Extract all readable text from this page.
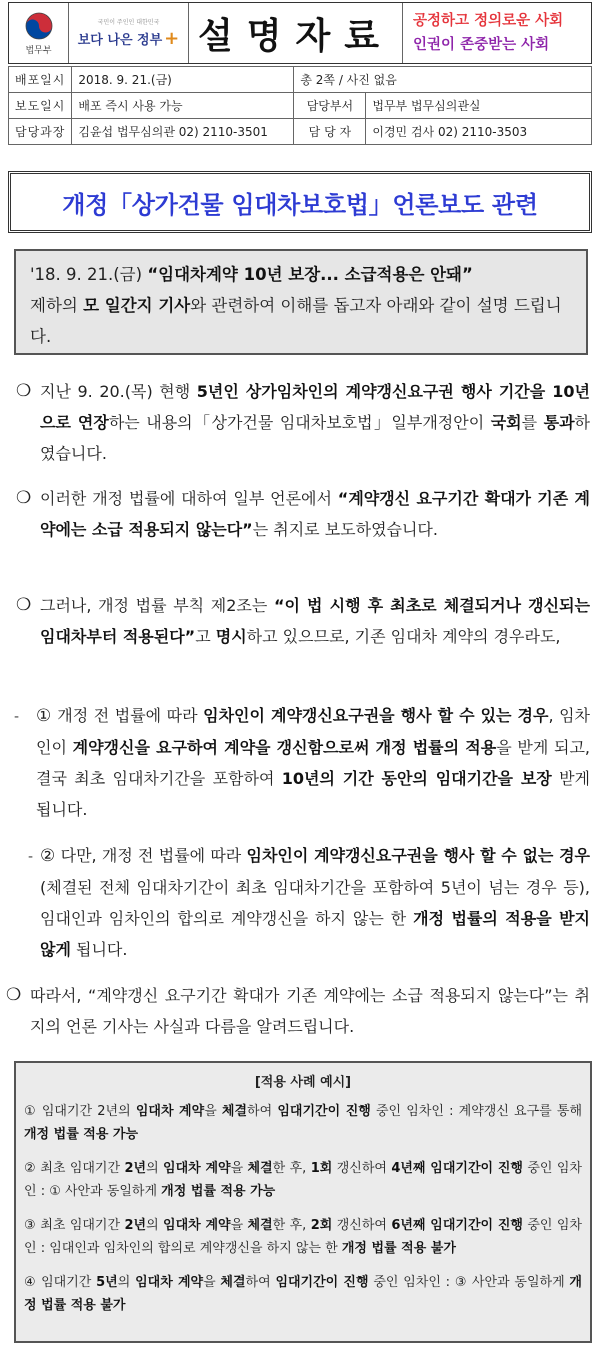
법무부
국민이 주인인 대한민국
보다 나은 정부 + 설명자료	공정하고 정의로운 사회
인권이 존중받는 사회
배포일시	2018. 9. 21.(금)	총 2쪽 / 사진 없음	
보도일시	배포 즉시 사용 가능	담당부서	법무부 법무심의관실
담당과장	김윤섭 법무심의관 02) 2110-3501	담 당 자	이경민 검사 02) 2110-3503
개정「상가건물 임대차보호법」언론보도 관련
'18. 9. 21.(금) “임대차계약 10년 보장... 소급적용은 안돼”
제하의 모 일간지 기사와 관련하여 이해를 돕고자 아래와 같이 설명 드립니다.
❍ 지난 9. 20.(목) 현행 5년인 상가임차인의 계약갱신요구권 행사 기간을 10년으로 연장하는 내용의「상가건물 임대차보호법」일부개정안이 국회를 통과하였습니다.
❍ 이러한 개정 법률에 대하여 일부 언론에서 “계약갱신 요구기간 확대가 기존 계약에는 소급 적용되지 않는다”는 취지로 보도하였습니다.
❍ 그러나, 개정 법률 부칙 제2조는 “이 법 시행 후 최초로 체결되거나 갱신되는 임대차부터 적용된다”고 명시하고 있으므로, 기존 임대차 계약의 경우라도,
- ① 개정 전 법률에 따라 임차인이 계약갱신요구권을 행사 할 수 있는 경우, 임차인이 계약갱신을 요구하여 계약을 갱신함으로써 개정 법률의 적용을 받게 되고, 결국 최초 임대차기간을 포함하여 10년의 기간 동안의 임대기간을 보장 받게 됩니다.
- ② 다만, 개정 전 법률에 따라 임차인이 계약갱신요구권을 행사 할 수 없는 경우(체결된 전체 임대차기간이 최초 임대차기간을 포함하여 5년이 넘는 경우 등), 임대인과 임차인의 합의로 계약갱신을 하지 않는 한 개정 법률의 적용을 받지 않게 됩니다.
❍ 따라서, “계약갱신 요구기간 확대가 기존 계약에는 소급 적용되지 않는다”는 취지의 언론 기사는 사실과 다름을 알려드립니다.
[적용 사례 예시]
① 임대기간 2년의 임대차 계약을 체결하여 임대기간이 진행 중인 임차인 : 계약갱신 요구를 통해 개정 법률 적용 가능
② 최초 임대기간 2년의 임대차 계약을 체결한 후, 1회 갱신하여 4년째 임대기간이 진행 중인 임차인 : ① 사안과 동일하게 개정 법률 적용 가능
③ 최초 임대기간 2년의 임대차 계약을 체결한 후, 2회 갱신하여 6년째 임대기간이 진행 중인 임차인 : 임대인과 임차인의 합의로 계약갱신을 하지 않는 한 개정 법률 적용 불가
④ 임대기간 5년의 임대차 계약을 체결하여 임대기간이 진행 중인 임차인 : ③ 사안과 동일하게 개정 법률 적용 불가
